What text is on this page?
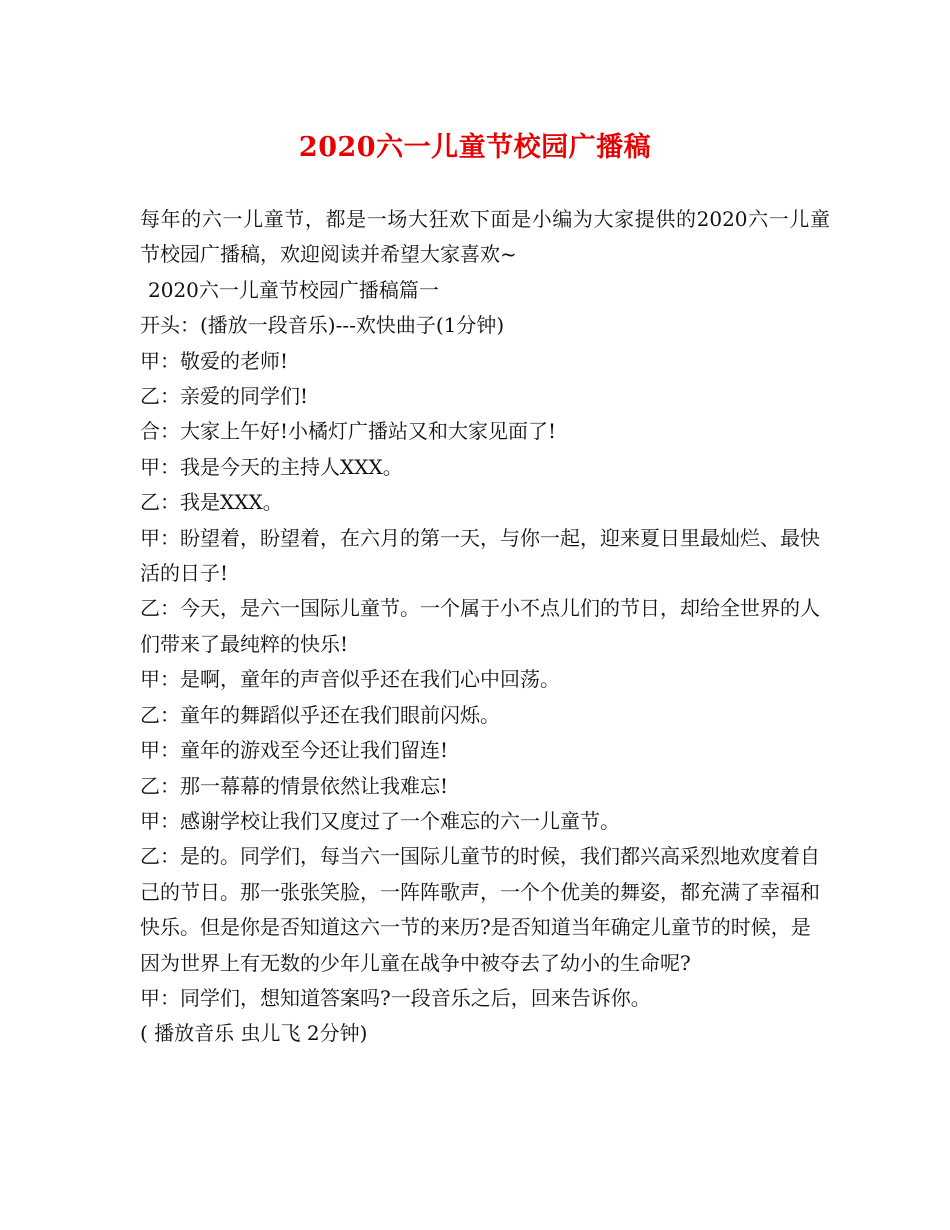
2020六一儿童节校园广播稿

每年的六一儿童节，都是一场大狂欢下面是小编为大家提供的2020六一儿童节校园广播稿，欢迎阅读并希望大家喜欢~

2020六一儿童节校园广播稿篇一

开头：(播放一段音乐)---欢快曲子(1分钟)

甲：敬爱的老师!

乙：亲爱的同学们!

合：大家上午好!小橘灯广播站又和大家见面了!

甲：我是今天的主持人XXX。

乙：我是XXX。

甲：盼望着，盼望着，在六月的第一天，与你一起，迎来夏日里最灿烂、最快活的日子!

乙：今天，是六一国际儿童节。一个属于小不点儿们的节日，却给全世界的人们带来了最纯粹的快乐!

甲：是啊，童年的声音似乎还在我们心中回荡。

乙：童年的舞蹈似乎还在我们眼前闪烁。

甲：童年的游戏至今还让我们留连!

乙：那一幕幕的情景依然让我难忘!

甲：感谢学校让我们又度过了一个难忘的六一儿童节。

乙：是的。同学们，每当六一国际儿童节的时候，我们都兴高采烈地欢度着自己的节日。那一张张笑脸，一阵阵歌声，一个个优美的舞姿，都充满了幸福和快乐。但是你是否知道这六一节的来历?是否知道当年确定儿童节的时候，是因为世界上有无数的少年儿童在战争中被夺去了幼小的生命呢?

甲：同学们，想知道答案吗?一段音乐之后，回来告诉你。

( 播放音乐 虫儿飞 2分钟)
